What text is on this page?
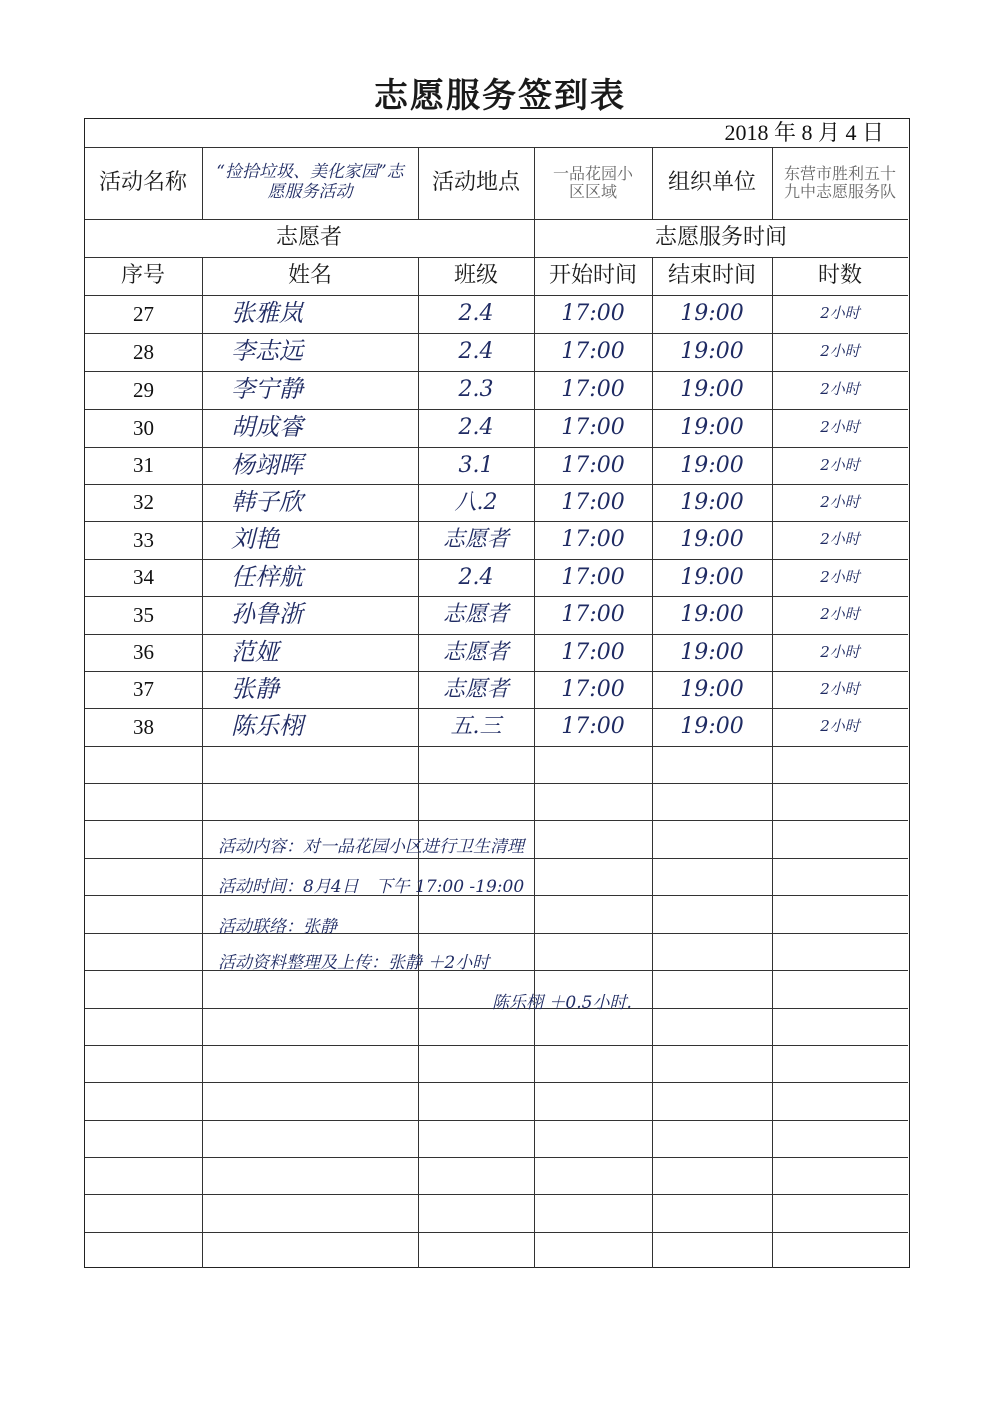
志愿服务签到表
2018 年 8 月 4 日
活动名称	“捡拾垃圾、美化家园”志愿服务活动	活动地点	一品花园小区区域	组织单位	东营市胜利五十九中志愿服务队
志愿者	志愿服务时间
序号	姓名	班级	开始时间	结束时间	时数
27	张雅岚	2.4	17:00	19:00	2小时
28	李志远	2.4	17:00	19:00	2小时
29	李宁静	2.3	17:00	19:00	2小时
30	胡成睿	2.4	17:00	19:00	2小时
31	杨翊晖	3.1	17:00	19:00	2小时
32	韩子欣	八.2	17:00	19:00	2小时
33	刘艳	志愿者	17:00	19:00	2小时
34	任梓航	2.4	17:00	19:00	2小时
35	孙鲁浙	志愿者	17:00	19:00	2小时
36	范娅	志愿者	17:00	19:00	2小时
37	张静	志愿者	17:00	19:00	2小时
38	陈乐栩	五.三	17:00	19:00	2小时
活动内容：对一品花园小区进行卫生清理
活动时间：8月4日　下午 17:00 -19:00
活动联络：张静
活动资料整理及上传：张静 ＋2小时
陈乐栩 ＋0.5小时.
